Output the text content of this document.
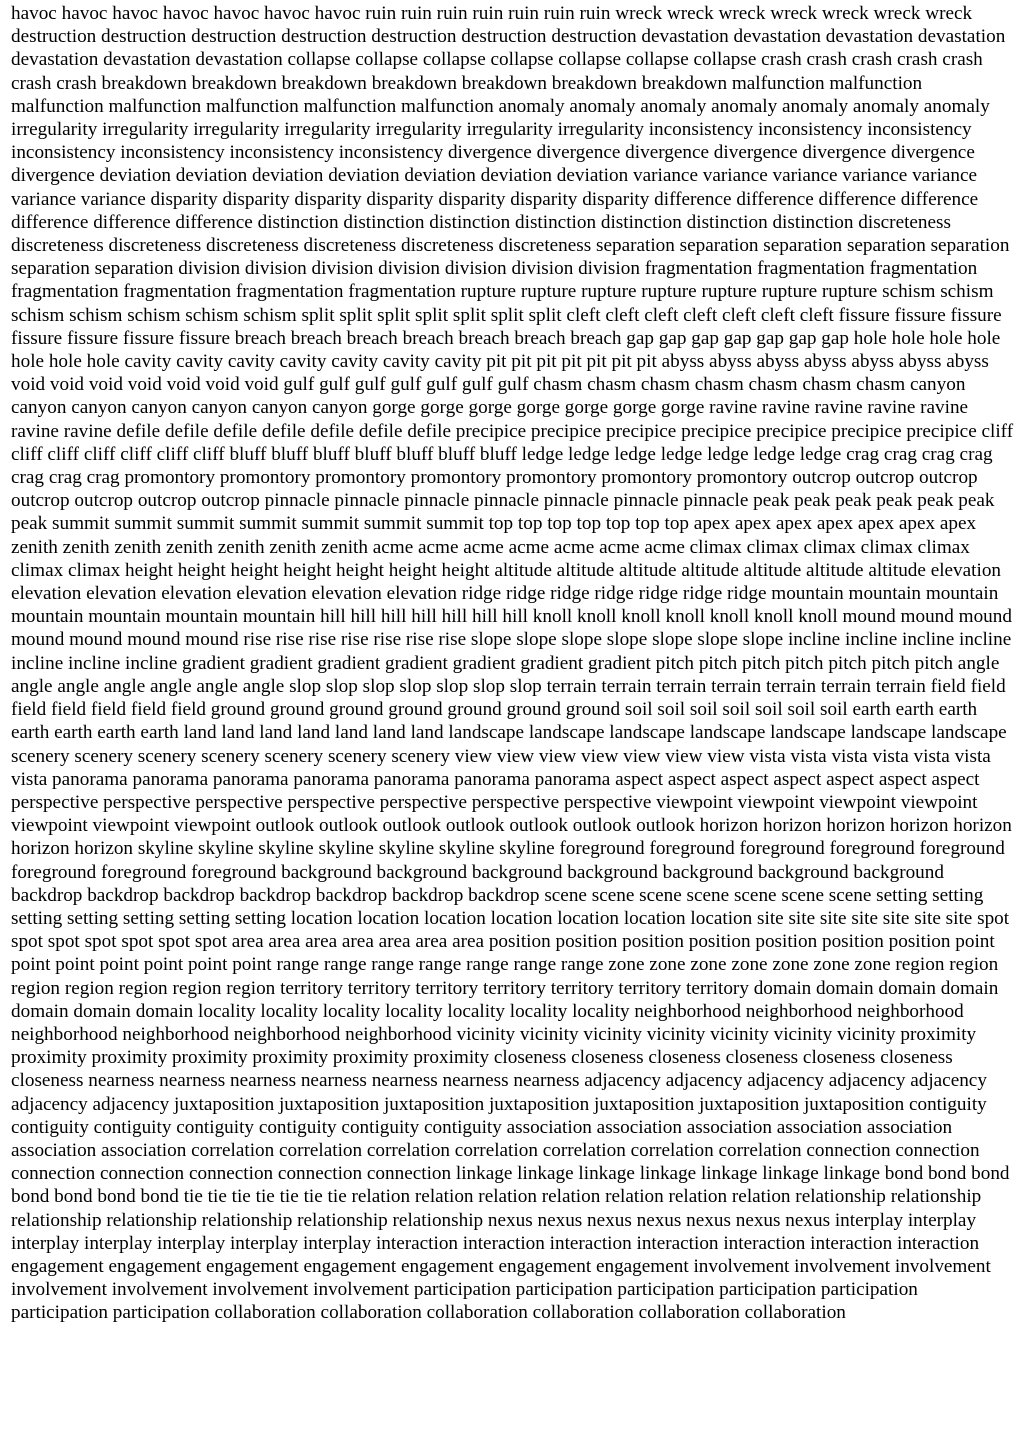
havoc havoc havoc havoc havoc havoc havoc ruin ruin ruin ruin ruin ruin ruin wreck wreck wreck wreck wreck wreck wreck destruction destruction destruction destruction destruction destruction destruction devastation devastation devastation devastation devastation devastation devastation collapse collapse collapse collapse collapse collapse collapse crash crash crash crash crash crash crash breakdown breakdown breakdown breakdown breakdown breakdown breakdown malfunction malfunction malfunction malfunction malfunction malfunction malfunction anomaly anomaly anomaly anomaly anomaly anomaly anomaly irregularity irregularity irregularity irregularity irregularity irregularity irregularity inconsistency inconsistency inconsistency inconsistency inconsistency inconsistency inconsistency divergence divergence divergence divergence divergence divergence divergence deviation deviation deviation deviation deviation deviation deviation variance variance variance variance variance variance variance disparity disparity disparity disparity disparity disparity disparity difference difference difference difference difference difference difference distinction distinction distinction distinction distinction distinction distinction discreteness discreteness discreteness discreteness discreteness discreteness discreteness separation separation separation separation separation separation separation division division division division division division division fragmentation fragmentation fragmentation fragmentation fragmentation fragmentation fragmentation rupture rupture rupture rupture rupture rupture rupture schism schism schism schism schism schism schism split split split split split split split cleft cleft cleft cleft cleft cleft cleft fissure fissure fissure fissure fissure fissure fissure breach breach breach breach breach breach breach gap gap gap gap gap gap gap hole hole hole hole hole hole hole cavity cavity cavity cavity cavity cavity cavity pit pit pit pit pit pit pit abyss abyss abyss abyss abyss abyss abyss void void void void void void void gulf gulf gulf gulf gulf gulf gulf chasm chasm chasm chasm chasm chasm chasm canyon canyon canyon canyon canyon canyon canyon gorge gorge gorge gorge gorge gorge gorge ravine ravine ravine ravine ravine ravine ravine defile defile defile defile defile defile defile precipice precipice precipice precipice precipice precipice precipice cliff cliff cliff cliff cliff cliff cliff bluff bluff bluff bluff bluff bluff bluff ledge ledge ledge ledge ledge ledge ledge crag crag crag crag crag crag crag promontory promontory promontory promontory promontory promontory promontory outcrop outcrop outcrop outcrop outcrop outcrop outcrop pinnacle pinnacle pinnacle pinnacle pinnacle pinnacle pinnacle peak peak peak peak peak peak peak summit summit summit summit summit summit summit top top top top top top top apex apex apex apex apex apex apex zenith zenith zenith zenith zenith zenith zenith acme acme acme acme acme acme acme climax climax climax climax climax climax climax height height height height height height height altitude altitude altitude altitude altitude altitude altitude elevation elevation elevation elevation elevation elevation elevation ridge ridge ridge ridge ridge ridge ridge mountain mountain mountain mountain mountain mountain mountain hill hill hill hill hill hill hill knoll knoll knoll knoll knoll knoll knoll mound mound mound mound mound mound mound rise rise rise rise rise rise rise slope slope slope slope slope slope slope incline incline incline incline incline incline incline gradient gradient gradient gradient gradient gradient gradient pitch pitch pitch pitch pitch pitch pitch angle angle angle angle angle angle angle slop slop slop slop slop slop slop terrain terrain terrain terrain terrain terrain terrain field field field field field field field ground ground ground ground ground ground ground soil soil soil soil soil soil soil earth earth earth earth earth earth earth land land land land land land land landscape landscape landscape landscape landscape landscape landscape scenery scenery scenery scenery scenery scenery scenery view view view view view view view vista vista vista vista vista vista vista panorama panorama panorama panorama panorama panorama panorama aspect aspect aspect aspect aspect aspect aspect perspective perspective perspective perspective perspective perspective perspective viewpoint viewpoint viewpoint viewpoint viewpoint viewpoint viewpoint outlook outlook outlook outlook outlook outlook outlook horizon horizon horizon horizon horizon horizon horizon skyline skyline skyline skyline skyline skyline skyline foreground foreground foreground foreground foreground foreground foreground foreground background background background background background background background backdrop backdrop backdrop backdrop backdrop backdrop backdrop scene scene scene scene scene scene scene setting setting setting setting setting setting setting location location location location location location location site site site site site site site spot spot spot spot spot spot spot area area area area area area area position position position position position position position point point point point point point point range range range range range range range zone zone zone zone zone zone zone region region region region region region region territory territory territory territory territory territory territory domain domain domain domain domain domain domain locality locality locality locality locality locality locality neighborhood neighborhood neighborhood neighborhood neighborhood neighborhood neighborhood vicinity vicinity vicinity vicinity vicinity vicinity vicinity proximity proximity proximity proximity proximity proximity proximity closeness closeness closeness closeness closeness closeness closeness nearness nearness nearness nearness nearness nearness nearness adjacency adjacency adjacency adjacency adjacency adjacency adjacency juxtaposition juxtaposition juxtaposition juxtaposition juxtaposition juxtaposition juxtaposition contiguity contiguity contiguity contiguity contiguity contiguity contiguity association association association association association association association correlation correlation correlation correlation correlation correlation correlation connection connection connection connection connection connection connection linkage linkage linkage linkage linkage linkage linkage bond bond bond bond bond bond bond tie tie tie tie tie tie tie relation relation relation relation relation relation relation relationship relationship relationship relationship relationship relationship relationship nexus nexus nexus nexus nexus nexus nexus interplay interplay interplay interplay interplay interplay interplay interaction interaction interaction interaction interaction interaction interaction engagement engagement engagement engagement engagement engagement engagement involvement involvement involvement involvement involvement involvement involvement participation participation participation participation participation participation participation collaboration collaboration collaboration collaboration collaboration collaboration
